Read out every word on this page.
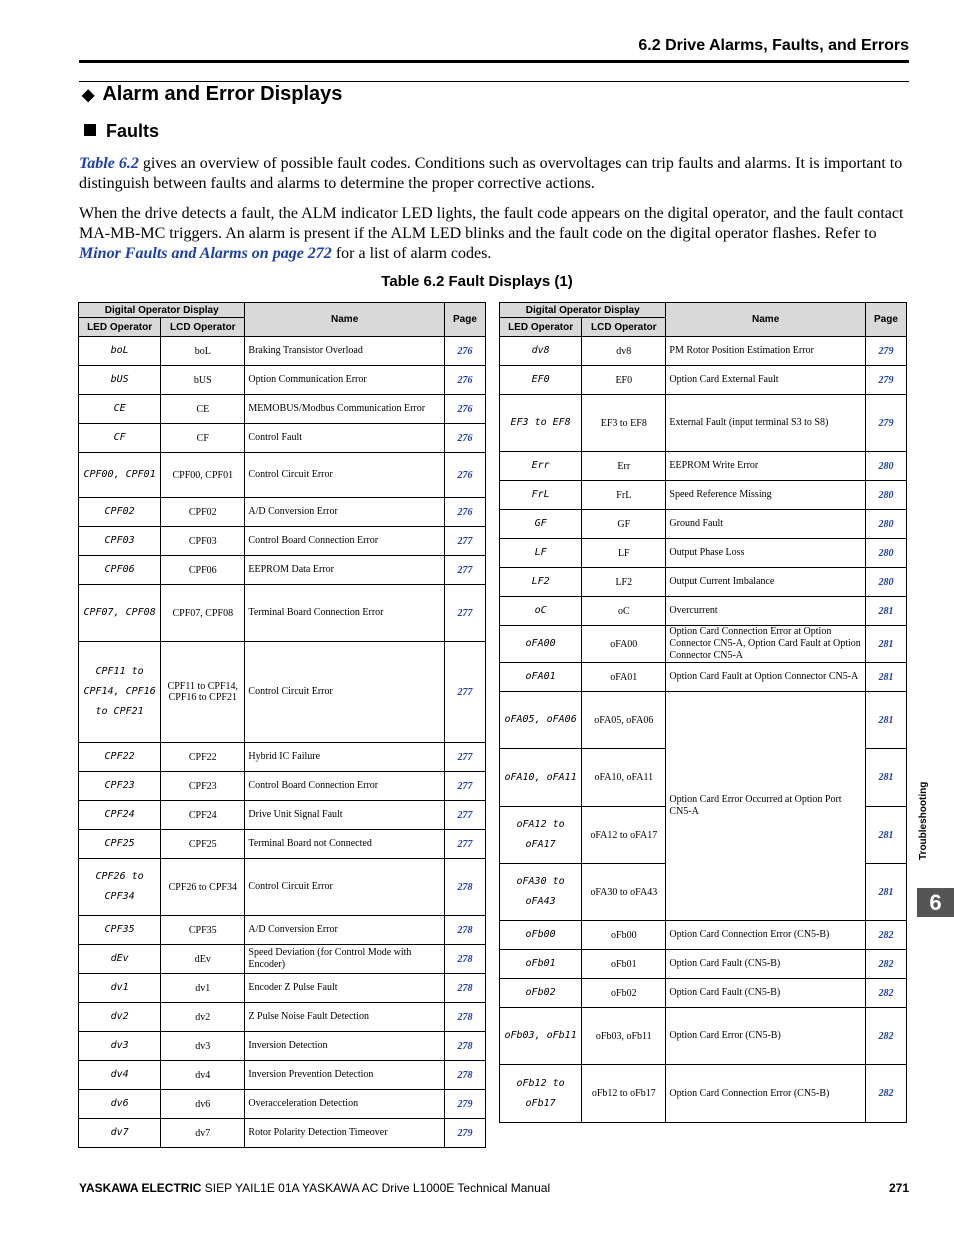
6.2 Drive Alarms, Faults, and Errors
◆ Alarm and Error Displays
Faults
Table 6.2 gives an overview of possible fault codes. Conditions such as overvoltages can trip faults and alarms. It is important to distinguish between faults and alarms to determine the proper corrective actions.
When the drive detects a fault, the ALM indicator LED lights, the fault code appears on the digital operator, and the fault contact MA-MB-MC triggers. An alarm is present if the ALM LED blinks and the fault code on the digital operator flashes. Refer to Minor Faults and Alarms on page 272 for a list of alarm codes.
Table 6.2 Fault Displays (1)
Digital Operator Display		Name	Page
LED Operator	LCD Operator		
boL	boL	Braking Transistor Overload	276
bUS	bUS	Option Communication Error	276
CE	CE	MEMOBUS/Modbus Communication Error	276
CF	CF	Control Fault	276
CPF00, CPF01	CPF00, CPF01	Control Circuit Error	276
CPF02	CPF02	A/D Conversion Error	276
CPF03	CPF03	Control Board Connection Error	277
CPF06	CPF06	EEPROM Data Error	277
CPF07, CPF08	CPF07, CPF08	Terminal Board Connection Error	277
CPF11 to CPF14, CPF16 to CPF21	CPF11 to CPF14, CPF16 to CPF21	Control Circuit Error	277
CPF22	CPF22	Hybrid IC Failure	277
CPF23	CPF23	Control Board Connection Error	277
CPF24	CPF24	Drive Unit Signal Fault	277
CPF25	CPF25	Terminal Board not Connected	277
CPF26 to CPF34	CPF26 to CPF34	Control Circuit Error	278
CPF35	CPF35	A/D Conversion Error	278
dEv	dEv	Speed Deviation (for Control Mode with Encoder)	278
dv1	dv1	Encoder Z Pulse Fault	278
dv2	dv2	Z Pulse Noise Fault Detection	278
dv3	dv3	Inversion Detection	278
dv4	dv4	Inversion Prevention Detection	278
dv6	dv6	Overacceleration Detection	279
dv7	dv7	Rotor Polarity Detection Timeover	279
Digital Operator Display		Name	Page
LED Operator	LCD Operator		
dv8	dv8	PM Rotor Position Estimation Error	279
EF0	EF0	Option Card External Fault	279
EF3 to EF8	EF3 to EF8	External Fault (input terminal S3 to S8)	279
Err	Err	EEPROM Write Error	280
FrL	FrL	Speed Reference Missing	280
GF	GF	Ground Fault	280
LF	LF	Output Phase Loss	280
LF2	LF2	Output Current Imbalance	280
oC	oC	Overcurrent	281
oFA00	oFA00	Option Card Connection Error at Option Connector CN5-A, Option Card Fault at Option Connector CN5-A	281
oFA01	oFA01	Option Card Fault at Option Connector CN5-A	281
oFA05, oFA06	oFA05, oFA06	Option Card Error Occurred at Option Port CN5-A	281
oFA10, oFA11	oFA10, oFA11		281
oFA12 to oFA17	oFA12 to oFA17		281
oFA30 to oFA43	oFA30 to oFA43		281
oFb00	oFb00	Option Card Connection Error (CN5-B)	282
oFb01	oFb01	Option Card Fault (CN5-B)	282
oFb02	oFb02	Option Card Fault (CN5-B)	282
oFb03, oFb11	oFb03, oFb11	Option Card Error (CN5-B)	282
oFb12 to oFb17	oFb12 to oFb17	Option Card Connection Error (CN5-B)	282
Troubleshooting
6
YASKAWA ELECTRIC SIEP YAIL1E 01A YASKAWA AC Drive L1000E Technical Manual	271
